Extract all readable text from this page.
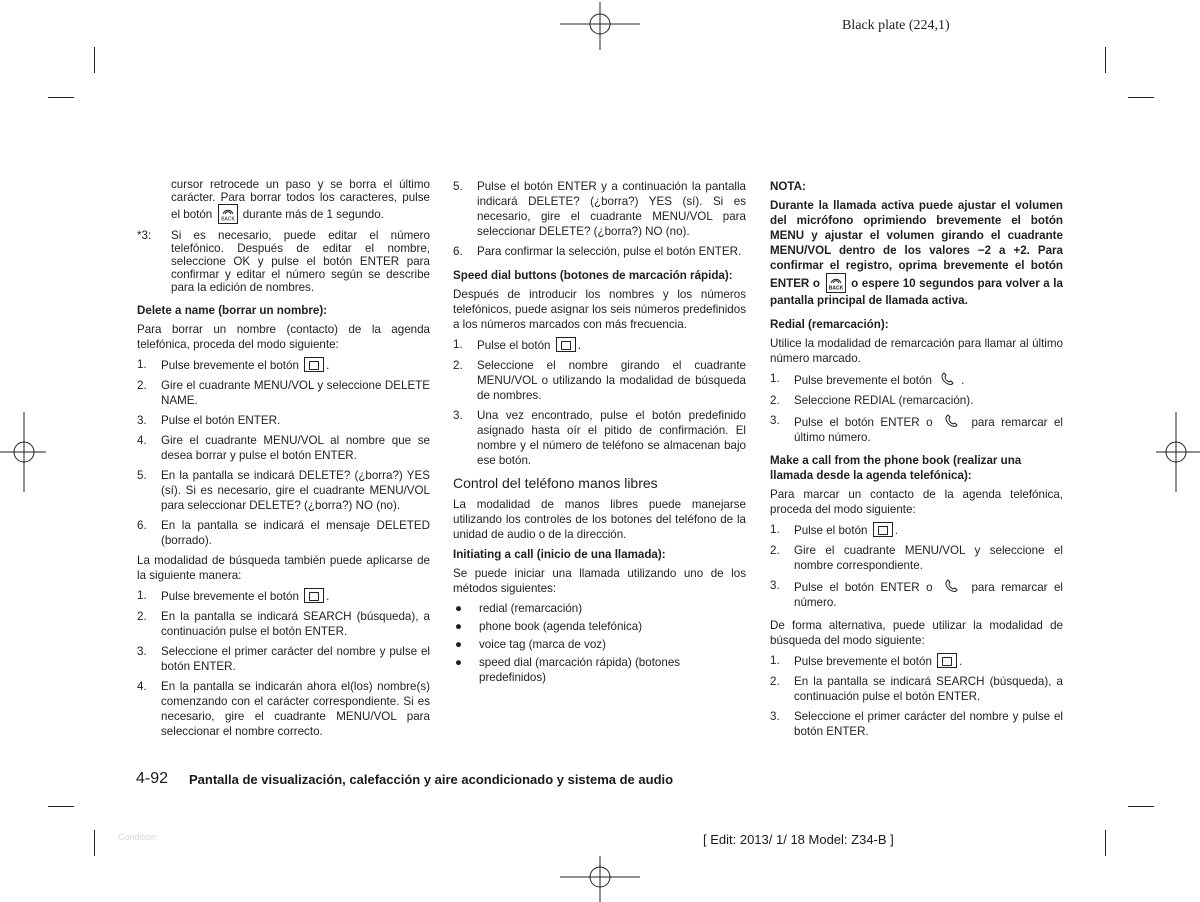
Black plate (224,1)

cursor retrocede un paso y se borra el último carácter. Para borrar todos los caracteres, pulse el botón BACK durante más de 1 segundo.

*3:	Si es necesario, puede editar el número telefónico. Después de editar el nombre, seleccione OK y pulse el botón ENTER para confirmar y editar el número según se describe para la edición de nombres.
Delete a name (borrar un nombre):

Para borrar un nombre (contacto) de la agenda telefónica, proceda del modo siguiente:

1.	Pulse brevemente el botón .
2.	Gire el cuadrante MENU/VOL y seleccione DELETE NAME.
3.	Pulse el botón ENTER.
4.	Gire el cuadrante MENU/VOL al nombre que se desea borrar y pulse el botón ENTER.
5.	En la pantalla se indicará DELETE? (¿borra?) YES (sí). Si es necesario, gire el cuadrante MENU/VOL para seleccionar DELETE? (¿borra?) NO (no).
6.	En la pantalla se indicará el mensaje DELETED (borrado).

La modalidad de búsqueda también puede aplicarse de la siguiente manera:

1.	Pulse brevemente el botón .
2.	En la pantalla se indicará SEARCH (búsqueda), a continuación pulse el botón ENTER.
3.	Seleccione el primer carácter del nombre y pulse el botón ENTER.
4.	En la pantalla se indicarán ahora el(los) nombre(s) comenzando con el carácter correspondiente. Si es necesario, gire el cuadrante MENU/VOL para seleccionar el nombre correcto.
5.	Pulse el botón ENTER y a continuación la pantalla indicará DELETE? (¿borra?) YES (sí). Si es necesario, gire el cuadrante MENU/VOL para seleccionar DELETE? (¿borra?) NO (no).
6.	Para confirmar la selección, pulse el botón ENTER.
Speed dial buttons (botones de marcación rápida):

Después de introducir los nombres y los números telefónicos, puede asignar los seis números predefinidos a los números marcados con más frecuencia.

1.	Pulse el botón .
2.	Seleccione el nombre girando el cuadrante MENU/VOL o utilizando la modalidad de búsqueda de nombres.
3.	Una vez encontrado, pulse el botón predefinido asignado hasta oír el pitido de confirmación. El nombre y el número de teléfono se almacenan bajo ese botón.
Control del teléfono manos libres

La modalidad de manos libres puede manejarse utilizando los controles de los botones del teléfono de la unidad de audio o de la dirección.

Initiating a call (inicio de una llamada):

Se puede iniciar una llamada utilizando uno de los métodos siguientes:

●	redial (remarcación)
●	phone book (agenda telefónica)
●	voice tag (marca de voz)
●	speed dial (marcación rápida) (botones predefinidos)
NOTA:

Durante la llamada activa puede ajustar el volumen del micrófono oprimiendo brevemente el botón MENU y ajustar el volumen girando el cuadrante MENU/VOL dentro de los valores −2 a +2. Para confirmar el registro, oprima brevemente el botón ENTER o BACK o espere 10 segundos para volver a la pantalla principal de llamada activa.

Redial (remarcación):

Utilice la modalidad de remarcación para llamar al último número marcado.

1.	Pulse brevemente el botón	.
2.	Seleccione REDIAL (remarcación).
3.	Pulse el botón ENTER o	para remarcar el último número.
Make a call from the phone book (realizar una llamada desde la agenda telefónica):

Para marcar un contacto de la agenda telefónica, proceda del modo siguiente:

1.	Pulse el botón .
2.	Gire el cuadrante MENU/VOL y seleccione el nombre correspondiente.
3.	Pulse el botón ENTER o	para remarcar el número.

De forma alternativa, puede utilizar la modalidad de búsqueda del modo siguiente:

1.	Pulse brevemente el botón .
2.	En la pantalla se indicará SEARCH (búsqueda), a continuación pulse el botón ENTER.
3.	Seleccione el primer carácter del nombre y pulse el botón ENTER.
4-92 Pantalla de visualización, calefacción y aire acondicionado y sistema de audio
Condition:	[ Edit: 2013/ 1/ 18 Model: Z34-B ]
